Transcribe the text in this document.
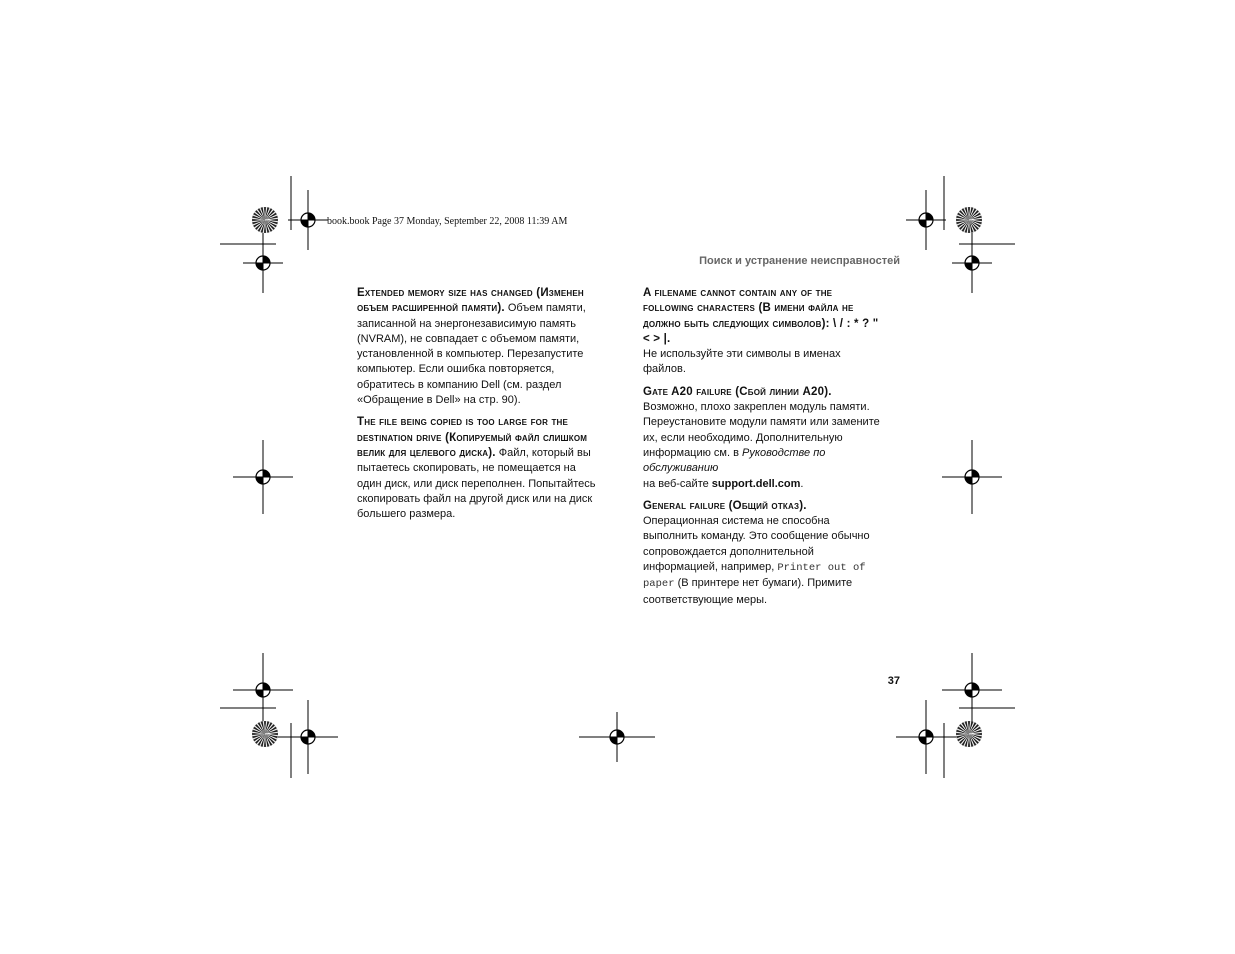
book.book Page 37 Monday, September 22, 2008 11:39 AM
Поиск и устранение неисправностей

Extended memory size has changed (Изменен объем расширенной памяти). Объем памяти, записанной на энергонезависимую память (NVRAM), не совпадает с объемом памяти, установленной в компьютер. Перезапустите компьютер. Если ошибка повторяется, обратитесь в компанию Dell (см. раздел «Обращение в Dell» на стр. 90).

The file being copied is too large for the destination drive (Копируемый файл слишком велик для целевого диска). Файл, который вы пытаетесь скопировать, не помещается на один диск, или диск переполнен. Попытайтесь скопировать файл на другой диск или на диск большего размера.

A filename cannot contain any of the following characters (В имени файла не должно быть следующих символов): \ / : * ? " < > |.
Не используйте эти символы в именах файлов.

Gate A20 failure (Сбой линии A20).
Возможно, плохо закреплен модуль памяти. Переустановите модули памяти или замените их, если необходимо. Дополнительную информацию см. в Руководстве по обслуживанию
на веб-сайте support.dell.com.

General failure (Общий отказ).
Операционная система не способна выполнить команду. Это сообщение обычно сопровождается дополнительной информацией, например, Printer out of paper (В принтере нет бумаги). Примите соответствующие меры.

37
